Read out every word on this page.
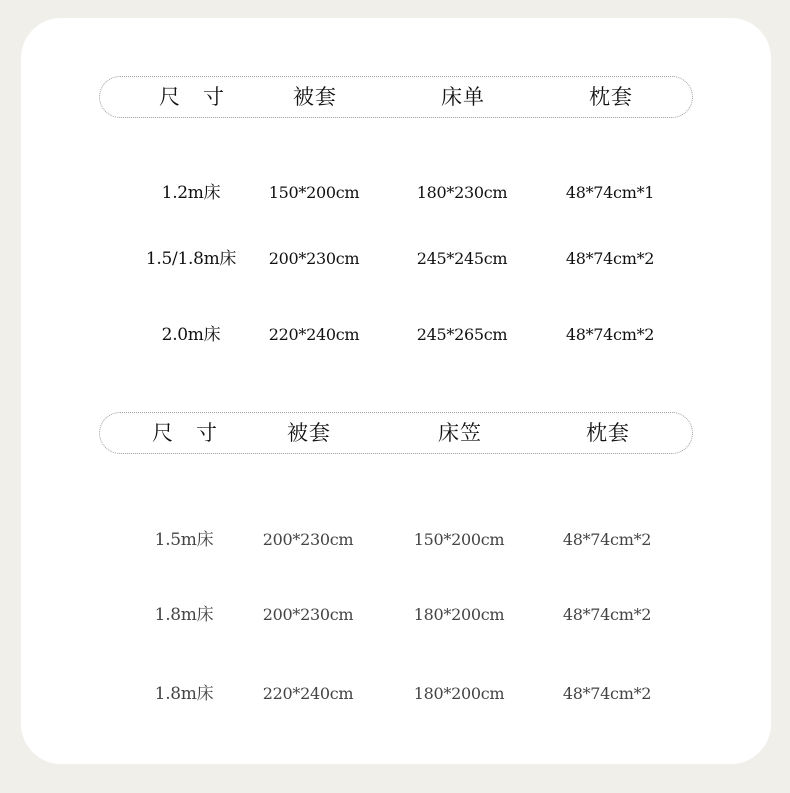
尺　寸	被套	床单	枕套
1.2m床	150*200cm	180*230cm	48*74cm*1
1.5/1.8m床 200*230cm	245*245cm	48*74cm*2
2.0m床	220*240cm	245*265cm	48*74cm*2
尺　寸	被套	床笠	枕套
1.5m床	200*230cm	150*200cm	48*74cm*2
1.8m床	200*230cm	180*200cm	48*74cm*2
1.8m床	220*240cm	180*200cm	48*74cm*2
